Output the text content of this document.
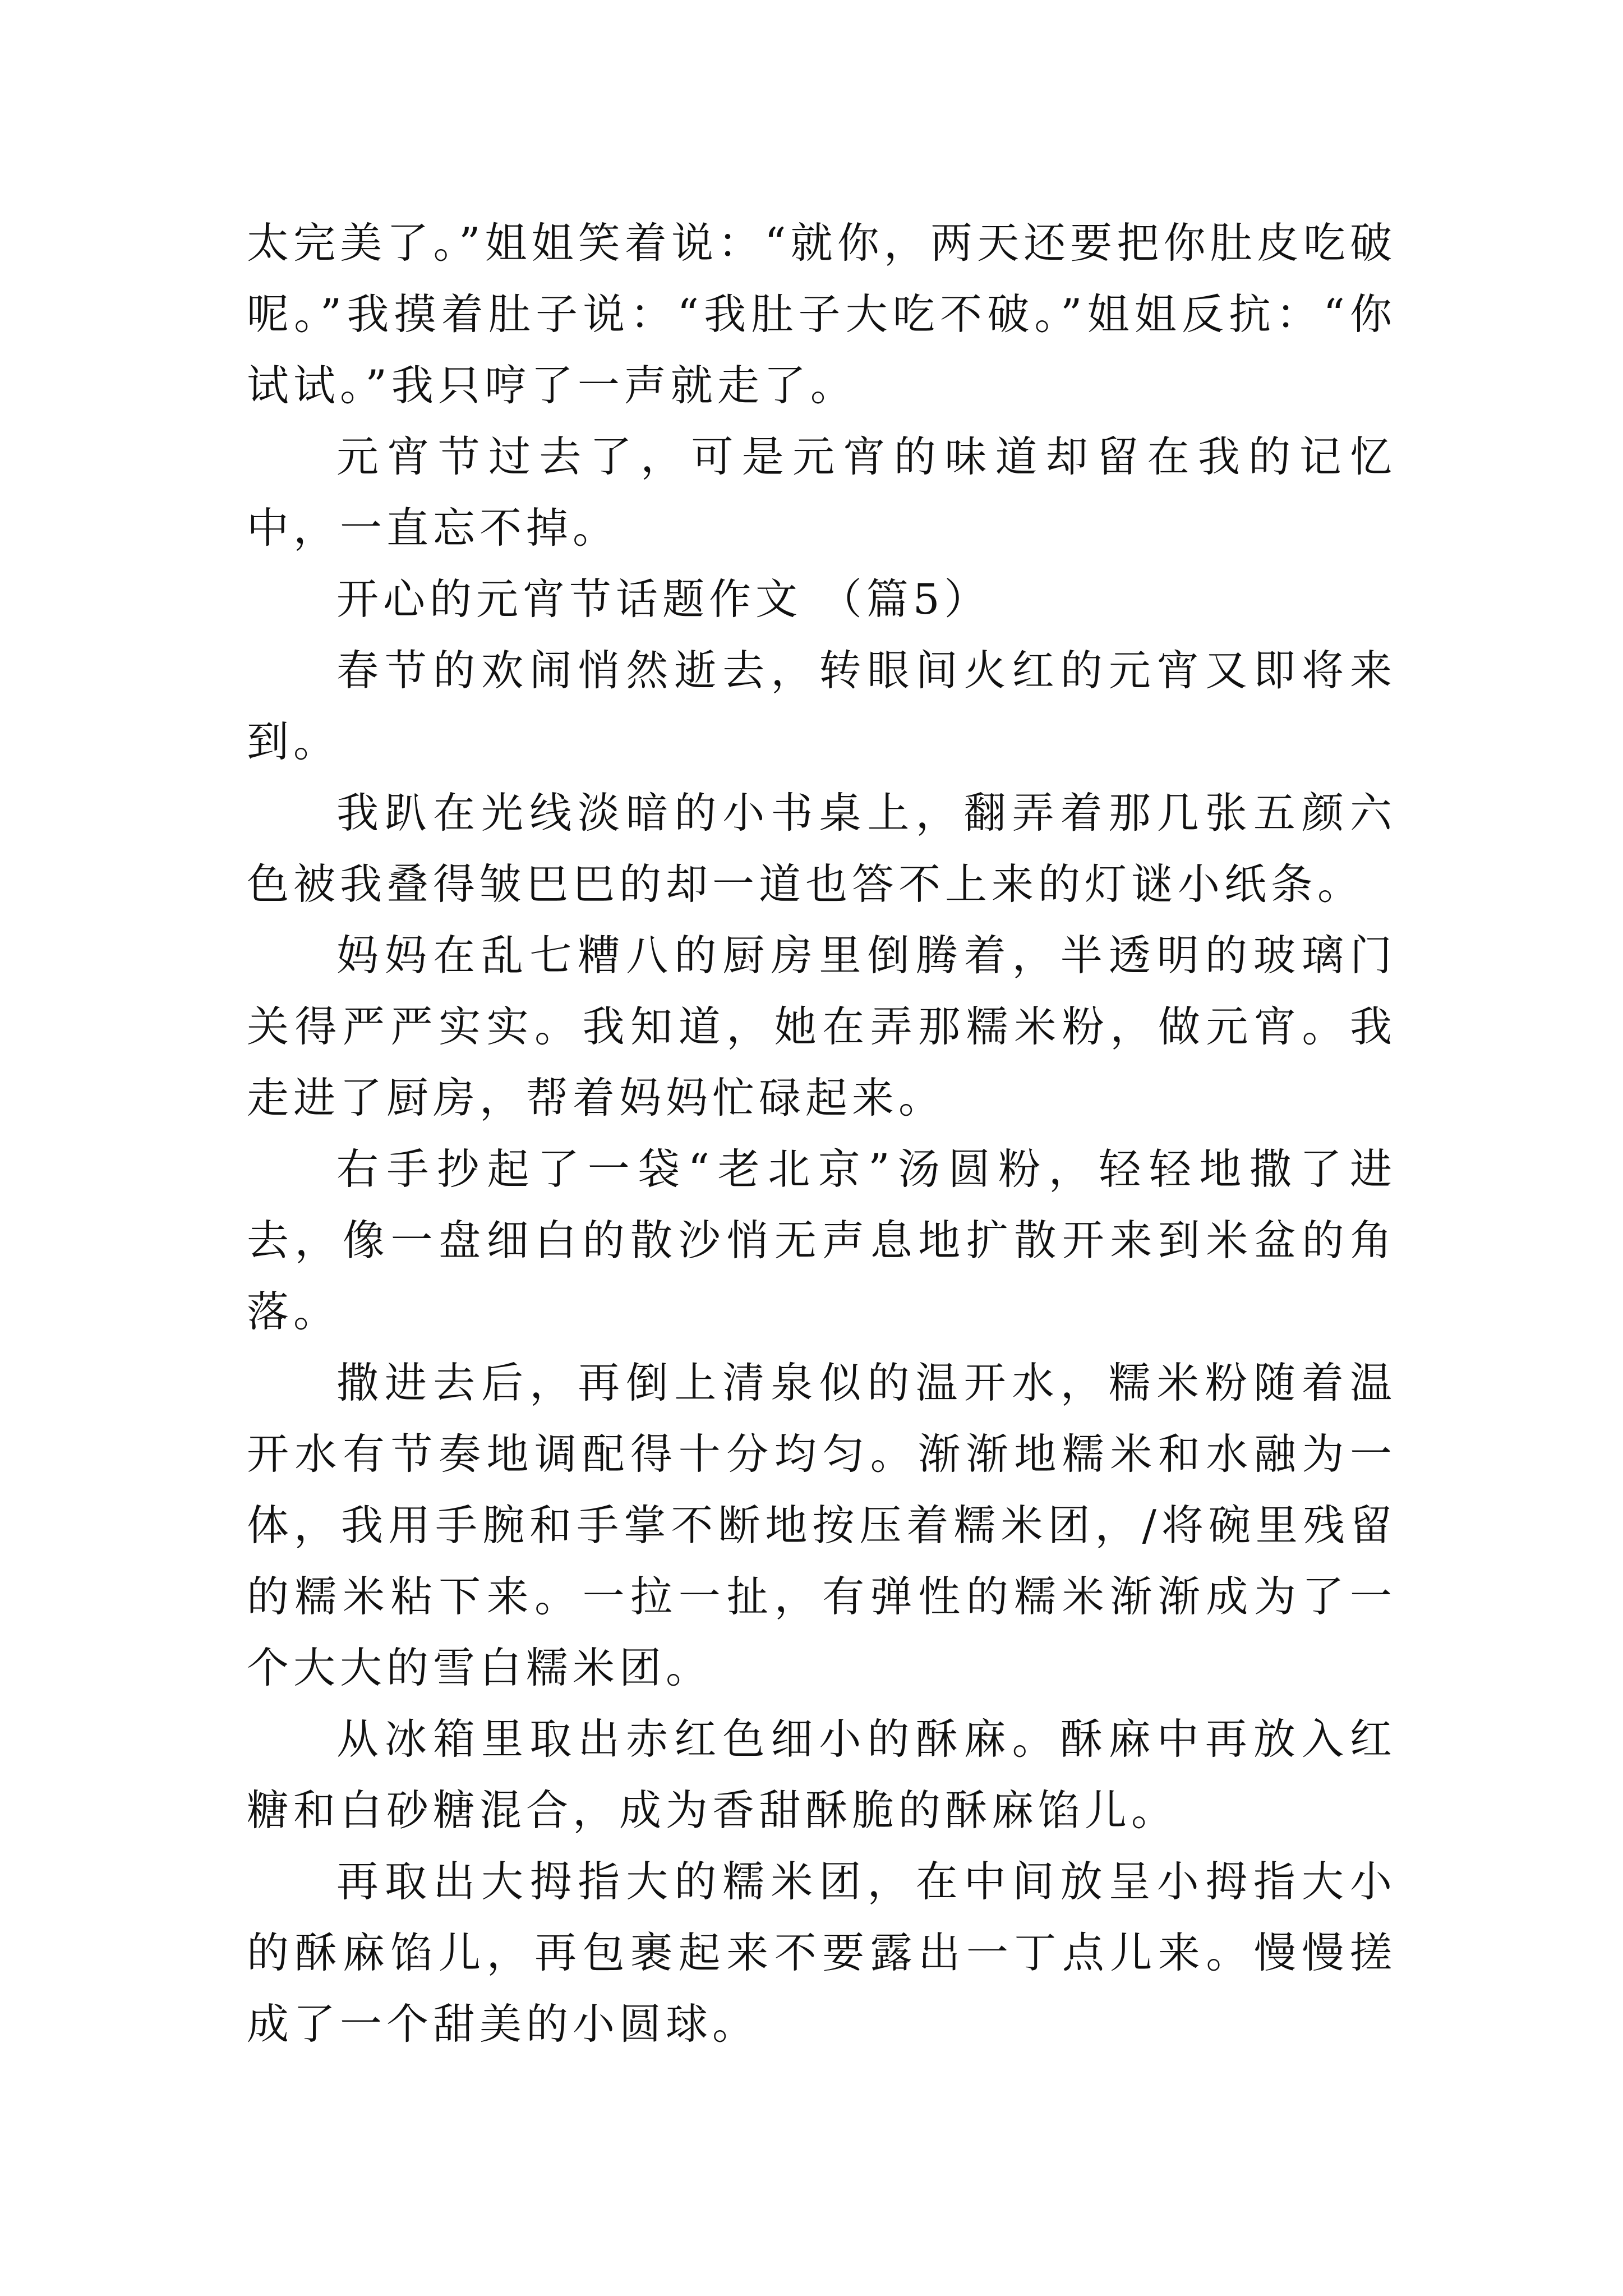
太完美了。”姐姐笑着说：“就你，两天还要把你肚皮吃破呢。”我摸着肚子说：“我肚子大吃不破。”姐姐反抗：“你试试。”我只哼了一声就走了。

元宵节过去了，可是元宵的味道却留在我的记忆中，一直忘不掉。

开心的元宵节话题作文 （篇5）

春节的欢闹悄然逝去，转眼间火红的元宵又即将来到。

我趴在光线淡暗的小书桌上，翻弄着那几张五颜六色被我叠得皱巴巴的却一道也答不上来的灯谜小纸条。

妈妈在乱七糟八的厨房里倒腾着，半透明的玻璃门关得严严实实。我知道，她在弄那糯米粉，做元宵。我走进了厨房，帮着妈妈忙碌起来。

右手抄起了一袋“老北京”汤圆粉，轻轻地撒了进去，像一盘细白的散沙悄无声息地扩散开来到米盆的角落。

撒进去后，再倒上清泉似的温开水，糯米粉随着温开水有节奏地调配得十分均匀。渐渐地糯米和水融为一体，我用手腕和手掌不断地按压着糯米团，/将碗里残留的糯米粘下来。一拉一扯，有弹性的糯米渐渐成为了一个大大的雪白糯米团。

从冰箱里取出赤红色细小的酥麻。酥麻中再放入红糖和白砂糖混合，成为香甜酥脆的酥麻馅儿。

再取出大拇指大的糯米团，在中间放呈小拇指大小的酥麻馅儿，再包裹起来不要露出一丁点儿来。慢慢搓成了一个甜美的小圆球。
